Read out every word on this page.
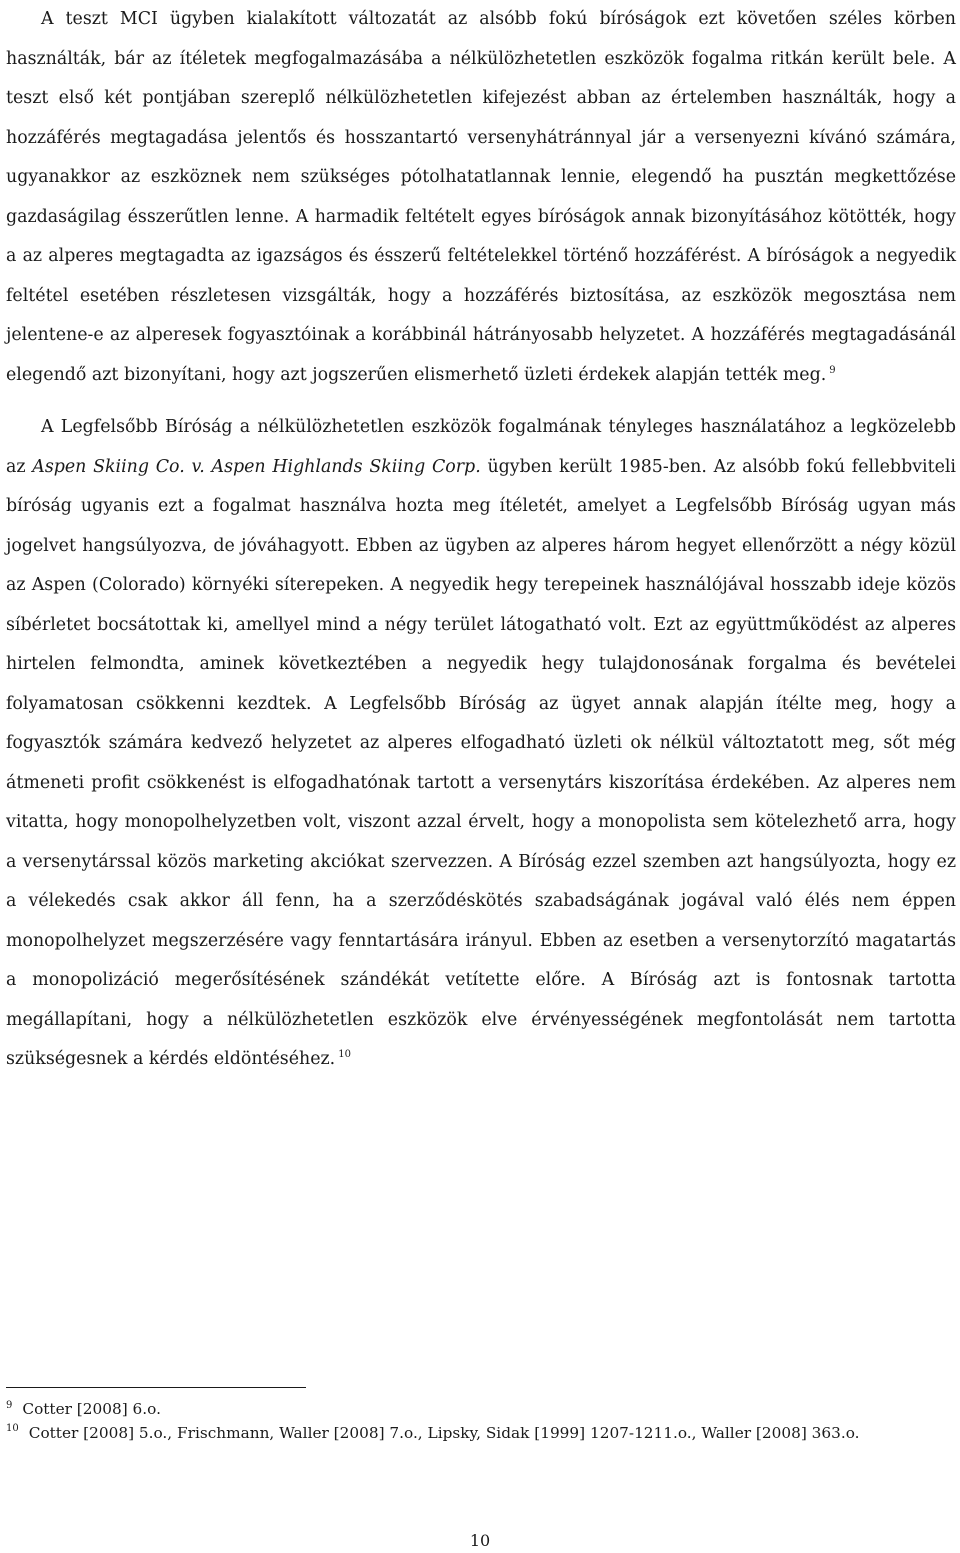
A teszt MCI ügyben kialakított változatát az alsóbb fokú bíróságok ezt követően széles körben használták, bár az ítéletek megfogalmazásába a nélkülözhetetlen eszközök fogalma ritkán került bele. A teszt első két pontjában szereplő nélkülözhetetlen kifejezést abban az értelemben használták, hogy a hozzáférés megtagadása jelentős és hosszantartó versenyhátránnyal jár a versenyezni kívánó számára, ugyanakkor az eszköznek nem szükséges pótolhatatlannak lennie, elegendő ha pusztán megkettőzése gazdaságilag ésszerűtlen lenne. A harmadik feltételt egyes bíróságok annak bizonyításához kötötték, hogy a az alperes megtagadta az igazságos és ésszerű feltételekkel történő hozzáférést. A bíróságok a negyedik feltétel esetében részletesen vizsgálták, hogy a hozzáférés biztosítása, az eszközök megosztása nem jelentene-e az alperesek fogyasztóinak a korábbinál hátrányosabb helyzetet. A hozzáférés megtagadásánál elegendő azt bizonyítani, hogy azt jogszerűen elismerhető üzleti érdekek alapján tették meg. $^9$

A Legfelsőbb Bíróság a nélkülözhetetlen eszközök fogalmának tényleges használatához a legközelebb az Aspen Skiing Co. v. Aspen Highlands Skiing Corp. ügyben került 1985-ben. Az alsóbb fokú fellebbviteli bíróság ugyanis ezt a fogalmat használva hozta meg ítéletét, amelyet a Legfelsőbb Bíróság ugyan más jogelvet hangsúlyozva, de jóváhagyott. Ebben az ügyben az alperes három hegyet ellenőrzött a négy közül az Aspen (Colorado) környéki síterepeken. A negyedik hegy terepeinek használójával hosszabb ideje közös síbérletet bocsátottak ki, amellyel mind a négy terület látogatható volt. Ezt az együttműködést az alperes hirtelen felmondta, aminek következtében a negyedik hegy tulajdonosának forgalma és bevételei folyamatosan csökkenni kezdtek. A Legfelsőbb Bíróság az ügyet annak alapján ítélte meg, hogy a fogyasztók számára kedvező helyzetet az alperes elfogadható üzleti ok nélkül változtatott meg, sőt még átmeneti profit csökkenést is elfogadhatónak tartott a versenytárs kiszorítása érdekében. Az alperes nem vitatta, hogy monopolhelyzetben volt, viszont azzal érvelt, hogy a monopolista sem kötelezhető arra, hogy a versenytárssal közös marketing akciókat szervezzen. A Bíróság ezzel szemben azt hangsúlyozta, hogy ez a vélekedés csak akkor áll fenn, ha a szerződéskötés szabadságának jogával való élés nem éppen monopolhelyzet megszerzésére vagy fenntartására irányul. Ebben az esetben a versenytorzító magatartás a monopolizáció megerősítésének szándékát vetítette előre. A Bíróság azt is fontosnak tartotta megállapítani, hogy a nélkülözhetetlen eszközök elve érvényességének megfontolását nem tartotta szükségesnek a kérdés eldöntéséhez. $^{10}$

$^9$ Cotter [2008] 6.o.

$^{10}$ Cotter [2008] 5.o., Frischmann, Waller [2008] 7.o., Lipsky, Sidak [1999] 1207-1211.o., Waller [2008] 363.o.

10
